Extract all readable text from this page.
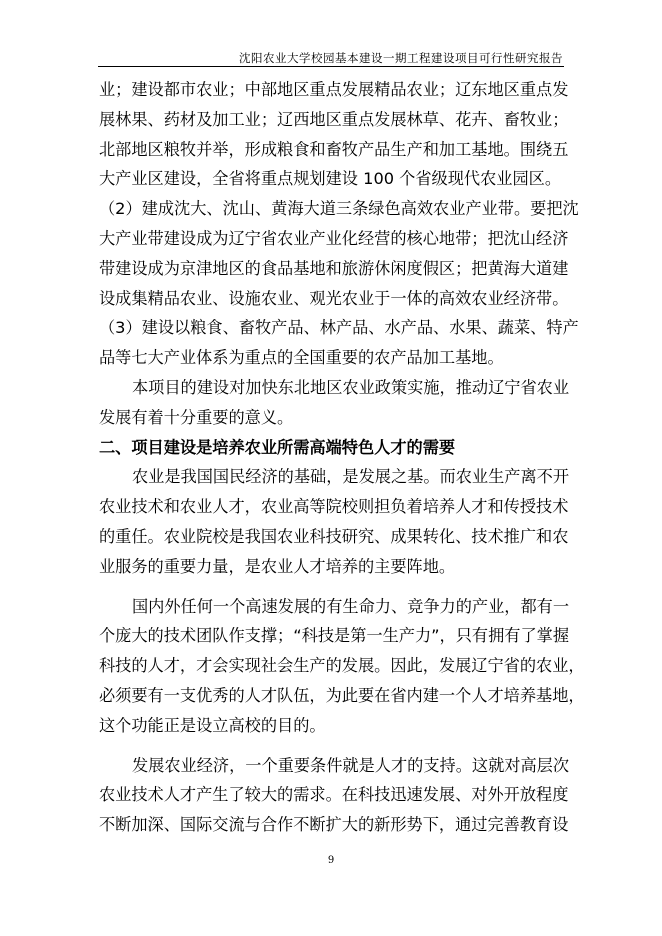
沈阳农业大学校园基本建设一期工程建设项目可行性研究报告
业；建设都市农业；中部地区重点发展精品农业；辽东地区重点发
展林果、药材及加工业；辽西地区重点发展林草、花卉、畜牧业；
北部地区粮牧并举，形成粮食和畜牧产品生产和加工基地。围绕五
大产业区建设，全省将重点规划建设 100 个省级现代农业园区。
（2）建成沈大、沈山、黄海大道三条绿色高效农业产业带。要把沈
大产业带建设成为辽宁省农业产业化经营的核心地带；把沈山经济
带建设成为京津地区的食品基地和旅游休闲度假区；把黄海大道建
设成集精品农业、设施农业、观光农业于一体的高效农业经济带。
（3）建设以粮食、畜牧产品、林产品、水产品、水果、蔬菜、特产
品等七大产业体系为重点的全国重要的农产品加工基地。
本项目的建设对加快东北地区农业政策实施，推动辽宁省农业
发展有着十分重要的意义。
二、项目建设是培养农业所需高端特色人才的需要
农业是我国国民经济的基础，是发展之基。而农业生产离不开
农业技术和农业人才，农业高等院校则担负着培养人才和传授技术
的重任。农业院校是我国农业科技研究、成果转化、技术推广和农
业服务的重要力量，是农业人才培养的主要阵地。
国内外任何一个高速发展的有生命力、竞争力的产业，都有一
个庞大的技术团队作支撑；“科技是第一生产力”，只有拥有了掌握
科技的人才，才会实现社会生产的发展。因此，发展辽宁省的农业，
必须要有一支优秀的人才队伍，为此要在省内建一个人才培养基地，
这个功能正是设立高校的目的。
发展农业经济，一个重要条件就是人才的支持。这就对高层次
农业技术人才产生了较大的需求。在科技迅速发展、对外开放程度
不断加深、国际交流与合作不断扩大的新形势下，通过完善教育设
9
